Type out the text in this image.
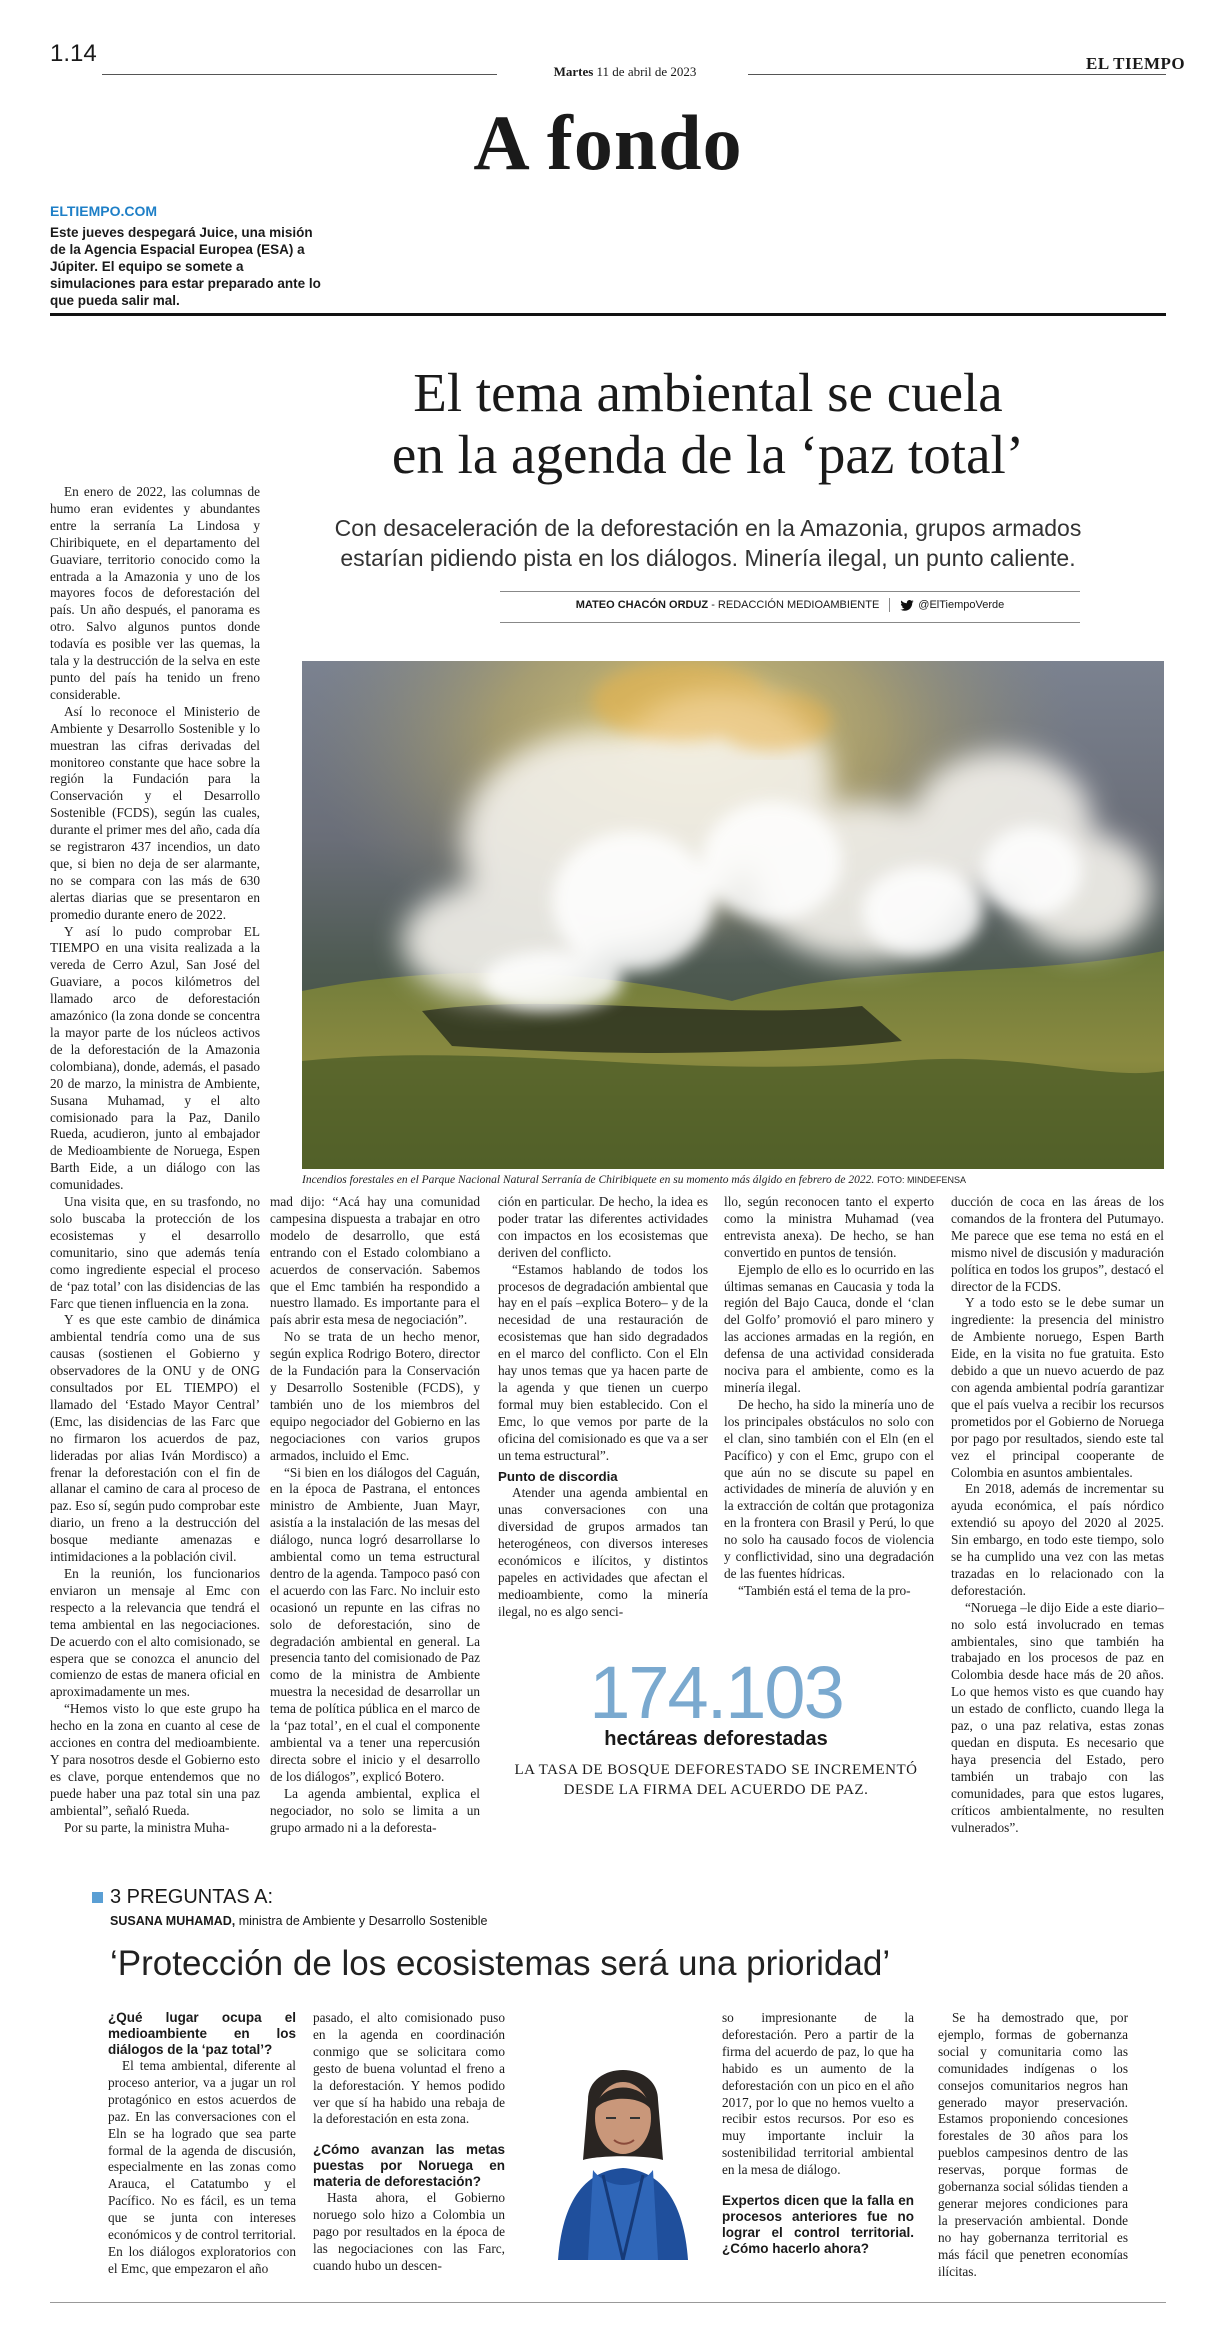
1.14
Martes 11 de abril de 2023	EL TIEMPO
A fondo
ELTIEMPO.COM
Este jueves despegará Juice, una misión de la Agencia Espacial Europea (ESA) a Júpiter. El equipo se somete a simulaciones para estar preparado ante lo que pueda salir mal.
El tema ambiental se cuela
en la agenda de la ‘paz total’
Con desaceleración de la deforestación en la Amazonia, grupos armados estarían pidiendo pista en los diálogos. Minería ilegal, un punto caliente.
MATEO CHACÓN ORDUZ - REDACCIÓN MEDIOAMBIENTE	@ElTiempoVerde
Incendios forestales en el Parque Nacional Natural Serranía de Chiribiquete en su momento más álgido en febrero de 2022. FOTO: MINDEFENSA

En enero de 2022, las columnas de humo eran evidentes y abundantes entre la serranía La Lindosa y Chiribiquete, en el departamento del Guaviare, territorio conocido como la entrada a la Amazonia y uno de los mayores focos de deforestación del país. Un año después, el panorama es otro. Salvo algunos puntos donde todavía es posible ver las quemas, la tala y la destrucción de la selva en este punto del país ha tenido un freno considerable.

Así lo reconoce el Ministerio de Ambiente y Desarrollo Sostenible y lo muestran las cifras derivadas del monitoreo constante que hace sobre la región la Fundación para la Conservación y el Desarrollo Sostenible (FCDS), según las cuales, durante el primer mes del año, cada día se registraron 437 incendios, un dato que, si bien no deja de ser alarmante, no se compara con las más de 630 alertas diarias que se presentaron en promedio durante enero de 2022.

Y así lo pudo comprobar EL TIEMPO en una visita realizada a la vereda de Cerro Azul, San José del Guaviare, a pocos kilómetros del llamado arco de deforestación amazónico (la zona donde se concentra la mayor parte de los núcleos activos de la deforestación de la Amazonia colombiana), donde, además, el pasado 20 de marzo, la ministra de Ambiente, Susana Muhamad, y el alto comisionado para la Paz, Danilo Rueda, acudieron, junto al embajador de Medioambiente de Noruega, Espen Barth Eide, a un diálogo con las comunidades.

Una visita que, en su trasfondo, no solo buscaba la protección de los ecosistemas y el desarrollo comunitario, sino que además tenía como ingrediente especial el proceso de ‘paz total’ con las disidencias de las Farc que tienen influencia en la zona.

Y es que este cambio de dinámica ambiental tendría como una de sus causas (sostienen el Gobierno y observadores de la ONU y de ONG consultados por EL TIEMPO) el llamado del ‘Estado Mayor Central’ (Emc, las disidencias de las Farc que no firmaron los acuerdos de paz, lideradas por alias Iván Mordisco) a frenar la deforestación con el fin de allanar el camino de cara al proceso de paz. Eso sí, según pudo comprobar este diario, un freno a la destrucción del bosque mediante amenazas e intimidaciones a la población civil.

En la reunión, los funcionarios enviaron un mensaje al Emc con respecto a la relevancia que tendrá el tema ambiental en las negociaciones. De acuerdo con el alto comisionado, se espera que se conozca el anuncio del comienzo de estas de manera oficial en aproximadamente un mes.

“Hemos visto lo que este grupo ha hecho en la zona en cuanto al cese de acciones en contra del medioambiente. Y para nosotros desde el Gobierno esto es clave, porque entendemos que no puede haber una paz total sin una paz ambiental”, señaló Rueda.

Por su parte, la ministra Muha-

mad dijo: “Acá hay una comunidad campesina dispuesta a trabajar en otro modelo de desarrollo, que está entrando con el Estado colombiano a acuerdos de conservación. Sabemos que el Emc también ha respondido a nuestro llamado. Es importante para el país abrir esta mesa de negociación”.

No se trata de un hecho menor, según explica Rodrigo Botero, director de la Fundación para la Conservación y Desarrollo Sostenible (FCDS), y también uno de los miembros del equipo negociador del Gobierno en las negociaciones con varios grupos armados, incluido el Emc.

“Si bien en los diálogos del Caguán, en la época de Pastrana, el entonces ministro de Ambiente, Juan Mayr, asistía a la instalación de las mesas del diálogo, nunca logró desarrollarse lo ambiental como un tema estructural dentro de la agenda. Tampoco pasó con el acuerdo con las Farc. No incluir esto ocasionó un repunte en las cifras no solo de deforestación, sino de degradación ambiental en general. La presencia tanto del comisionado de Paz como de la ministra de Ambiente muestra la necesidad de desarrollar un tema de política pública en el marco de la ‘paz total’, en el cual el componente ambiental va a tener una repercusión directa sobre el inicio y el desarrollo de los diálogos”, explicó Botero.

La agenda ambiental, explica el negociador, no solo se limita a un grupo armado ni a la deforesta-

ción en particular. De hecho, la idea es poder tratar las diferentes actividades con impactos en los ecosistemas que deriven del conflicto.

“Estamos hablando de todos los procesos de degradación ambiental que hay en el país –explica Botero– y de la necesidad de una restauración de ecosistemas que han sido degradados en el marco del conflicto. Con el Eln hay unos temas que ya hacen parte de la agenda y que tienen un cuerpo formal muy bien establecido. Con el Emc, lo que vemos por parte de la oficina del comisionado es que va a ser un tema estructural”.

Punto de discordia

Atender una agenda ambiental en unas conversaciones con una diversidad de grupos armados tan heterogéneos, con diversos intereses económicos e ilícitos, y distintos papeles en actividades que afectan el medioambiente, como la minería ilegal, no es algo senci-

llo, según reconocen tanto el experto como la ministra Muhamad (vea entrevista anexa). De hecho, se han convertido en puntos de tensión.

Ejemplo de ello es lo ocurrido en las últimas semanas en Caucasia y toda la región del Bajo Cauca, donde el ‘clan del Golfo’ promovió el paro minero y las acciones armadas en la región, en defensa de una actividad considerada nociva para el ambiente, como es la minería ilegal.

De hecho, ha sido la minería uno de los principales obstáculos no solo con el clan, sino también con el Eln (en el Pacífico) y con el Emc, grupo con el que aún no se discute su papel en actividades de minería de aluvión y en la extracción de coltán que protagoniza en la frontera con Brasil y Perú, lo que no solo ha causado focos de violencia y conflictividad, sino una degradación de las fuentes hídricas.

“También está el tema de la pro-

ducción de coca en las áreas de los comandos de la frontera del Putumayo. Me parece que ese tema no está en el mismo nivel de discusión y maduración política en todos los grupos”, destacó el director de la FCDS.

Y a todo esto se le debe sumar un ingrediente: la presencia del ministro de Ambiente noruego, Espen Barth Eide, en la visita no fue gratuita. Esto debido a que un nuevo acuerdo de paz con agenda ambiental podría garantizar que el país vuelva a recibir los recursos prometidos por el Gobierno de Noruega por pago por resultados, siendo este tal vez el principal cooperante de Colombia en asuntos ambientales.

En 2018, además de incrementar su ayuda económica, el país nórdico extendió su apoyo del 2020 al 2025. Sin embargo, en todo este tiempo, solo se ha cumplido una vez con las metas trazadas en lo relacionado con la deforestación.

“Noruega –le dijo Eide a este diario– no solo está involucrado en temas ambientales, sino que también ha trabajado en los procesos de paz en Colombia desde hace más de 20 años. Lo que hemos visto es que cuando hay un estado de conflicto, cuando llega la paz, o una paz relativa, estas zonas quedan en disputa. Es necesario que haya presencia del Estado, pero también un trabajo con las comunidades, para que estos lugares, críticos ambientalmente, no resulten vulnerados”.

174.103
hectáreas deforestadas
LA TASA DE BOSQUE DEFORESTADO SE INCREMENTÓ DESDE LA FIRMA DEL ACUERDO DE PAZ.
3 PREGUNTAS A:
SUSANA MUHAMAD, ministra de Ambiente y Desarrollo Sostenible
‘Protección de los ecosistemas será una prioridad’

¿Qué lugar ocupa el medioambiente en los diálogos de la ‘paz total’?

El tema ambiental, diferente al proceso anterior, va a jugar un rol protagónico en estos acuerdos de paz. En las conversaciones con el Eln se ha logrado que sea parte formal de la agenda de discusión, especialmente en las zonas como Arauca, el Catatumbo y el Pacífico. No es fácil, es un tema que se junta con intereses económicos y de control territorial. En los diálogos exploratorios con el Emc, que empezaron el año

pasado, el alto comisionado puso en la agenda en coordinación conmigo que se solicitara como gesto de buena voluntad el freno a la deforestación. Y hemos podido ver que sí ha habido una rebaja de la deforestación en esta zona.

¿Cómo avanzan las metas puestas por Noruega en materia de deforestación?

Hasta ahora, el Gobierno noruego solo hizo a Colombia un pago por resultados en la época de las negociaciones con las Farc, cuando hubo un descen-

so impresionante de la deforestación. Pero a partir de la firma del acuerdo de paz, lo que ha habido es un aumento de la deforestación con un pico en el año 2017, por lo que no hemos vuelto a recibir estos recursos. Por eso es muy importante incluir la sostenibilidad territorial ambiental en la mesa de diálogo.

Expertos dicen que la falla en procesos anteriores fue no lograr el control territorial. ¿Cómo hacerlo ahora?

Se ha demostrado que, por ejemplo, formas de gobernanza social y comunitaria como las comunidades indígenas o los consejos comunitarios negros han generado mayor preservación. Estamos proponiendo concesiones forestales de 30 años para los pueblos campesinos dentro de las reservas, porque formas de gobernanza social sólidas tienden a generar mejores condiciones para la preservación ambiental. Donde no hay gobernanza territorial es más fácil que penetren economías ilícitas.
